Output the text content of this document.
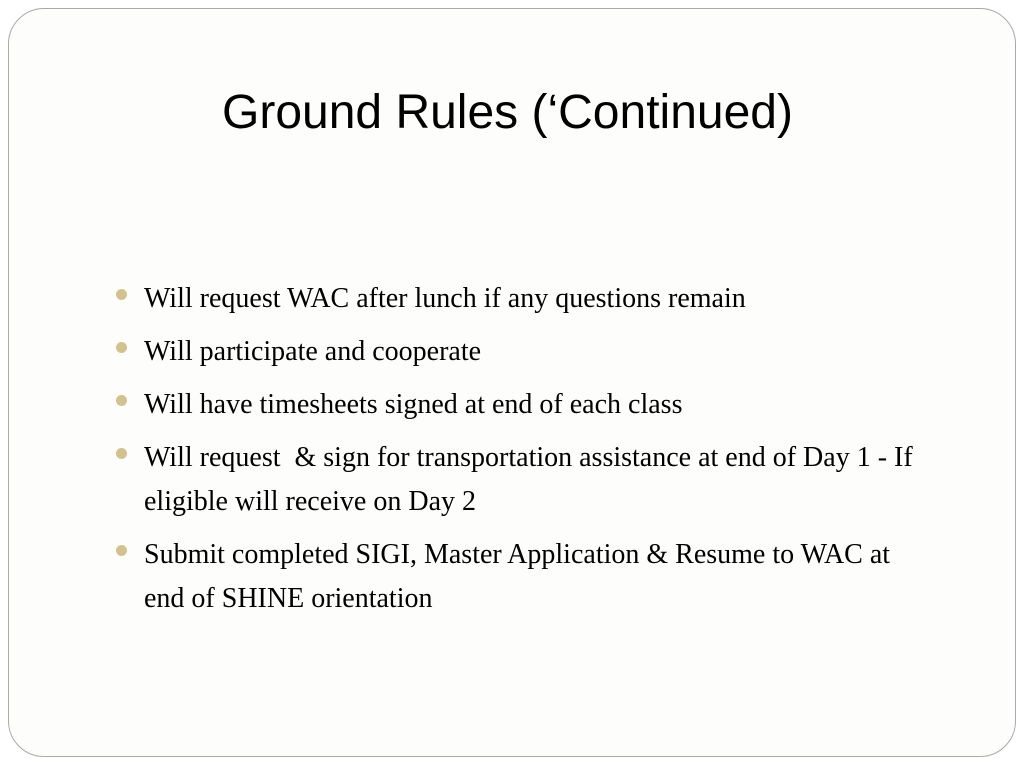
Ground Rules (‘Continued)
Will request WAC after lunch if any questions remain
Will participate and cooperate
Will have timesheets signed at end of each class
Will request  & sign for transportation assistance at end of Day 1 - If eligible will receive on Day 2
Submit completed SIGI, Master Application & Resume to WAC at end of SHINE orientation
